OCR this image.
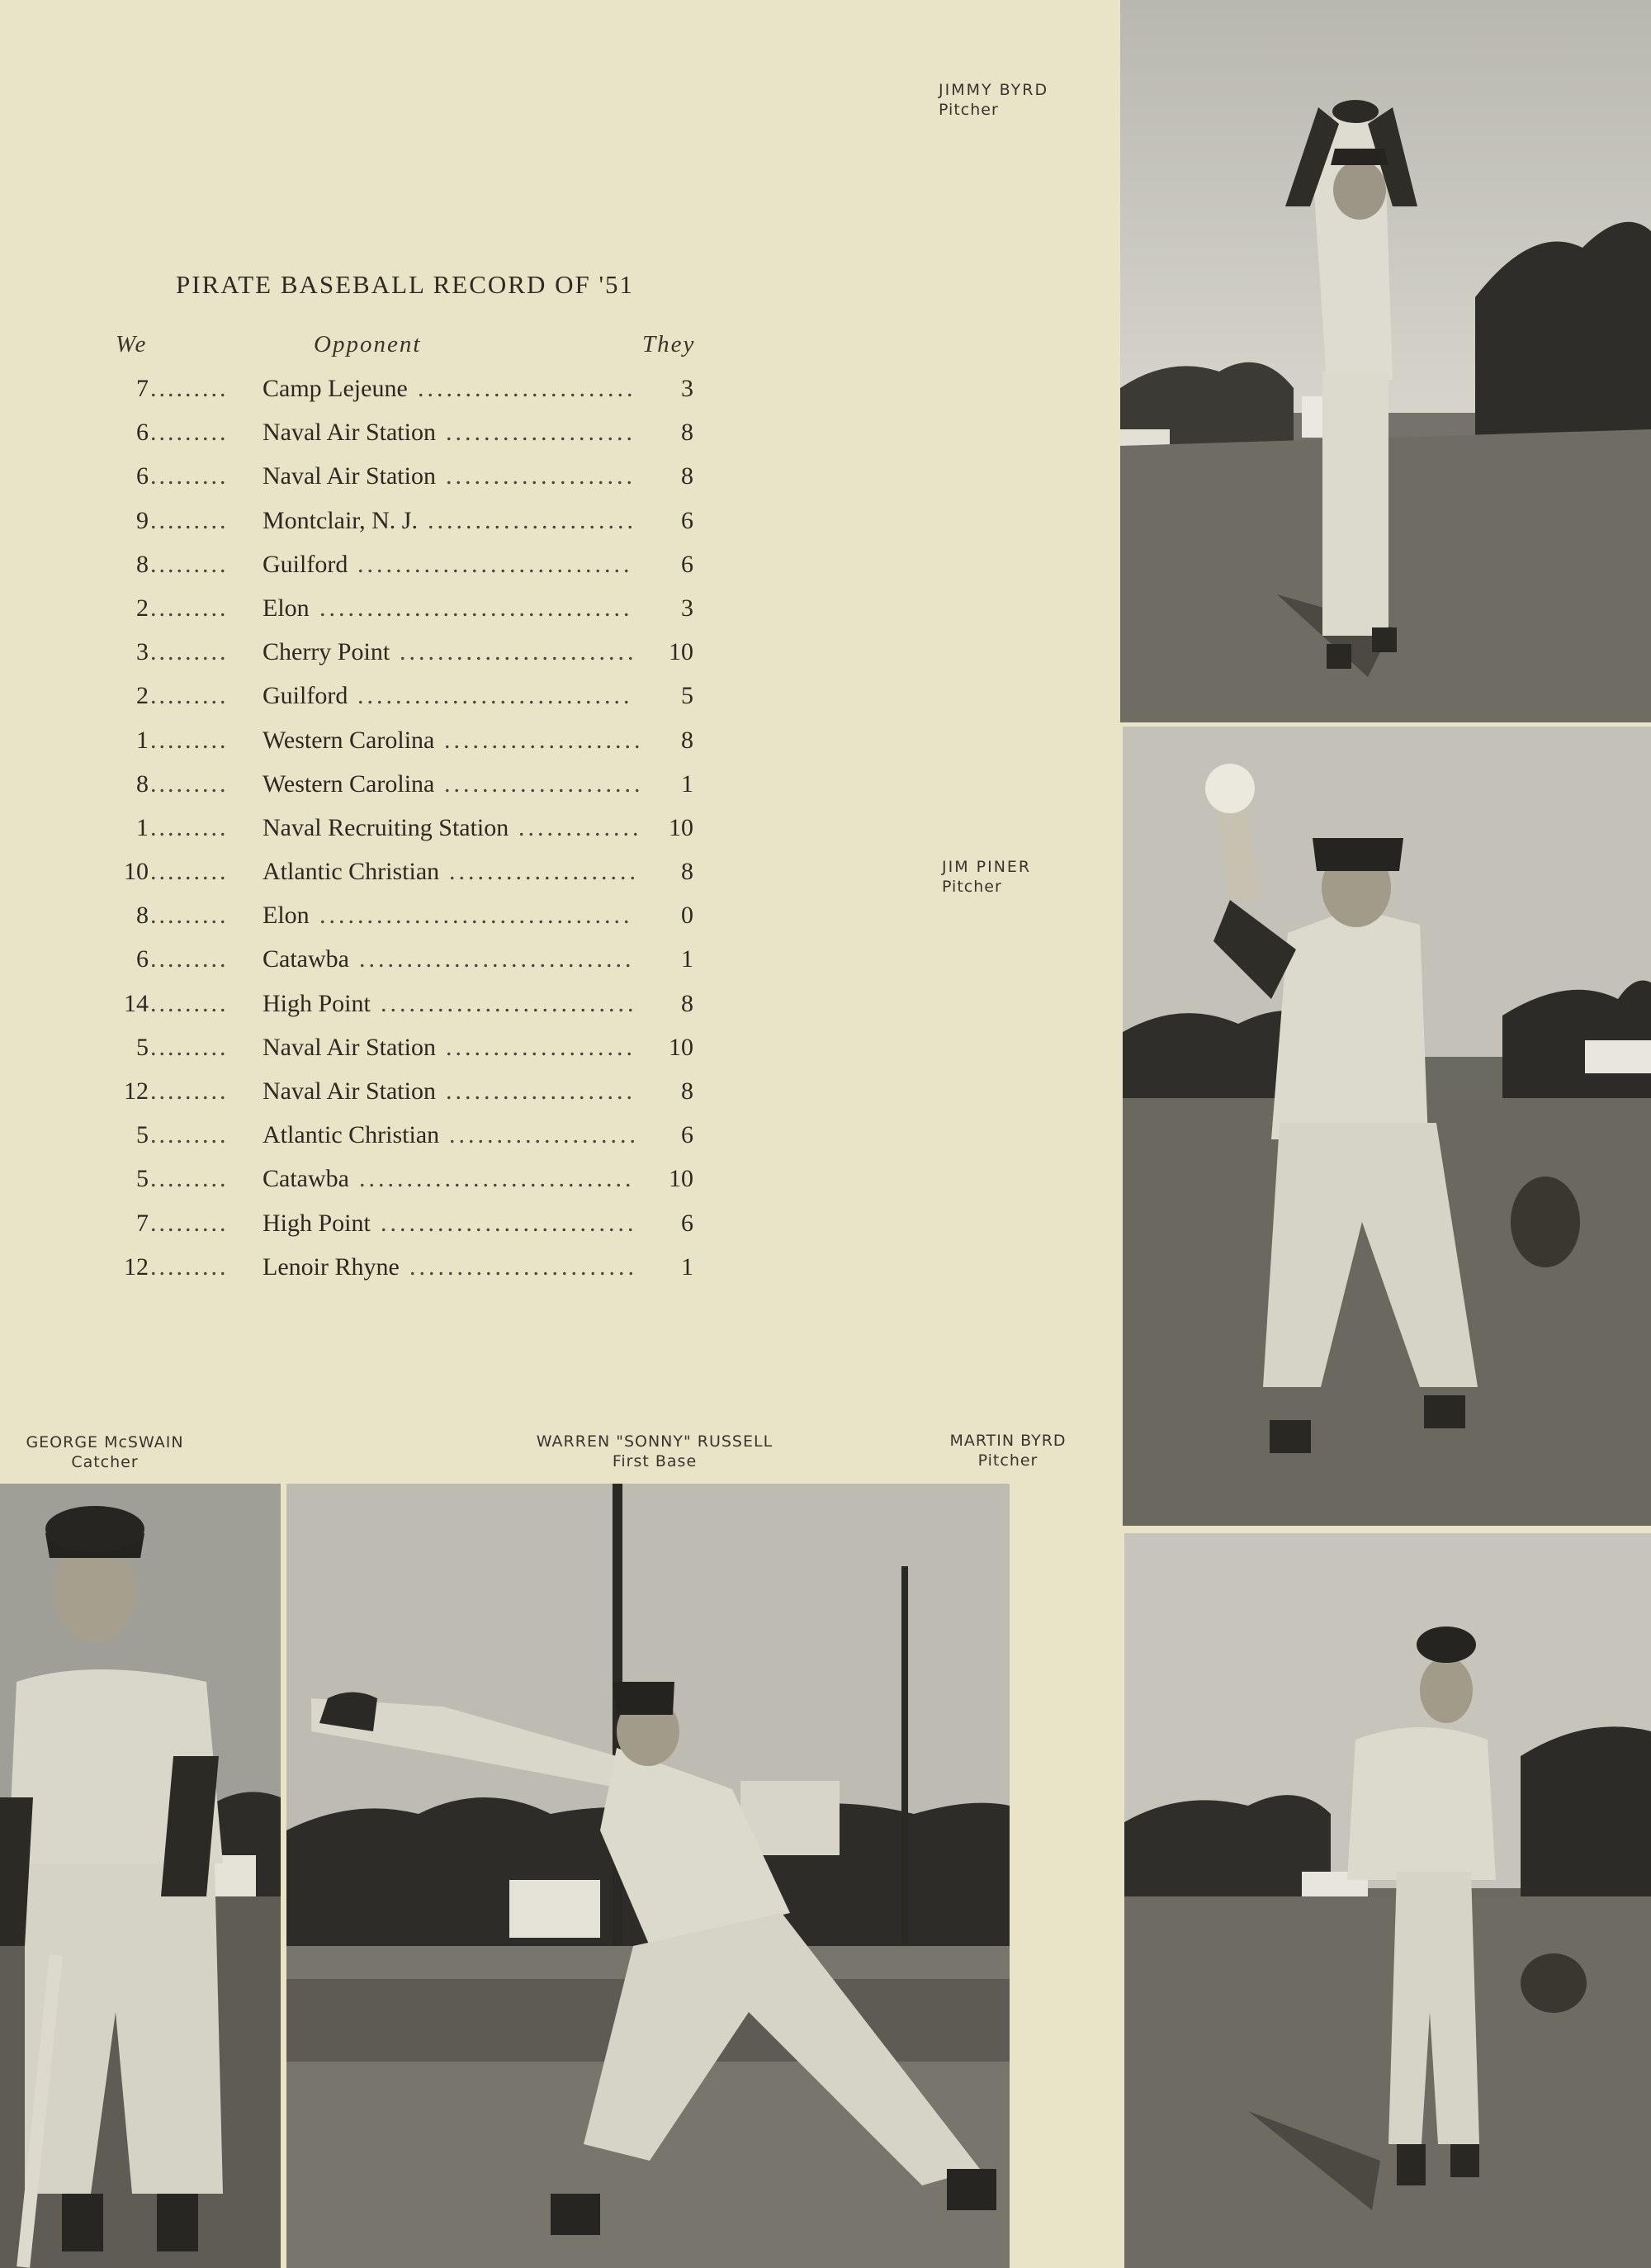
JIMMY BYRD
Pitcher
JIM PINER
Pitcher
GEORGE McSWAIN
Catcher
WARREN "SONNY" RUSSELL
First Base
MARTIN BYRD
Pitcher
PIRATE BASEBALL RECORD OF '51
We	Opponent	They
7 ......... Camp Lejeune .......................	3
6 ......... Naval Air Station ....................	8
6 ......... Naval Air Station ....................	8
9 ......... Montclair, N. J. ......................	6
8 ......... Guilford .............................	6
2 ......... Elon .................................	3
3 ......... Cherry Point .........................	10
2 ......... Guilford .............................	5
1 ......... Western Carolina .....................	8
8 ......... Western Carolina .....................	1
1 ......... Naval Recruiting Station .............	10
10 ......... Atlantic Christian ....................	8
8 ......... Elon .................................	0
6 ......... Catawba .............................	1
14 ......... High Point ...........................	8
5 ......... Naval Air Station ....................	10
12 ......... Naval Air Station ....................	8
5 ......... Atlantic Christian ....................	6
5 ......... Catawba .............................	10
7 ......... High Point ...........................	6
12 ......... Lenoir Rhyne ........................	1
